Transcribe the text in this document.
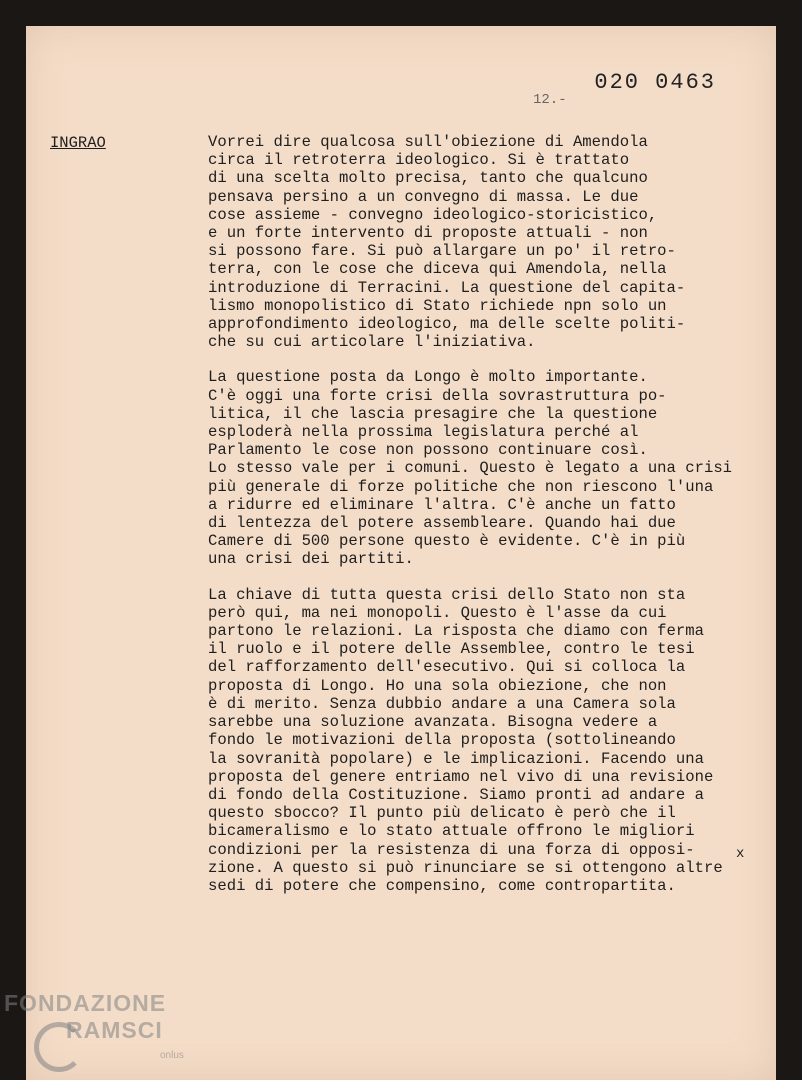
020 0463
12.-
INGRAO	Vorrei dire qualcosa sull'obiezione di Amendola
circa il retroterra ideologico. Si è trattato
di una scelta molto precisa, tanto che qualcuno
pensava persino a un convegno di massa. Le due
cose assieme - convegno ideologico-storicistico,
e un forte intervento di proposte attuali - non
si possono fare. Si può allargare un po' il retro-
terra, con le cose che diceva qui Amendola, nella
introduzione di Terracini. La questione del capita-
lismo monopolistico di Stato richiede npn solo un
approfondimento ideologico, ma delle scelte politi-
che su cui articolare l'iniziativa.

La questione posta da Longo è molto importante.
C'è oggi una forte crisi della sovrastruttura po-
litica, il che lascia presagire che la questione
esploderà nella prossima legislatura perché al
Parlamento le cose non possono continuare così.
Lo stesso vale per i comuni. Questo è legato a una crisi
più generale di forze politiche che non riescono l'una
a ridurre ed eliminare l'altra. C'è anche un fatto
di lentezza del potere assembleare. Quando hai due
Camere di 500 persone questo è evidente. C'è in più
una crisi dei partiti.

La chiave di tutta questa crisi dello Stato non sta
però qui, ma nei monopoli. Questo è l'asse da cui
partono le relazioni. La risposta che diamo con ferma
il ruolo e il potere delle Assemblee, contro le tesi
del rafforzamento dell'esecutivo. Qui si colloca la
proposta di Longo. Ho una sola obiezione, che non
è di merito. Senza dubbio andare a una Camera sola
sarebbe una soluzione avanzata. Bisogna vedere a
fondo le motivazioni della proposta (sottolineando
la sovranità popolare) e le implicazioni. Facendo una
proposta del genere entriamo nel vivo di una revisione
di fondo della Costituzione. Siamo pronti ad andare a
questo sbocco? Il punto più delicato è però che il
bicameralismo e lo stato attuale offrono le migliori
condizioni per la resistenza di una forza di opposi-
zione. A questo si può rinunciare se si ottengono altre
sedi di potere che compensino, come contropartita.

x
FONDAZIONE
RAMSCI
onlus
